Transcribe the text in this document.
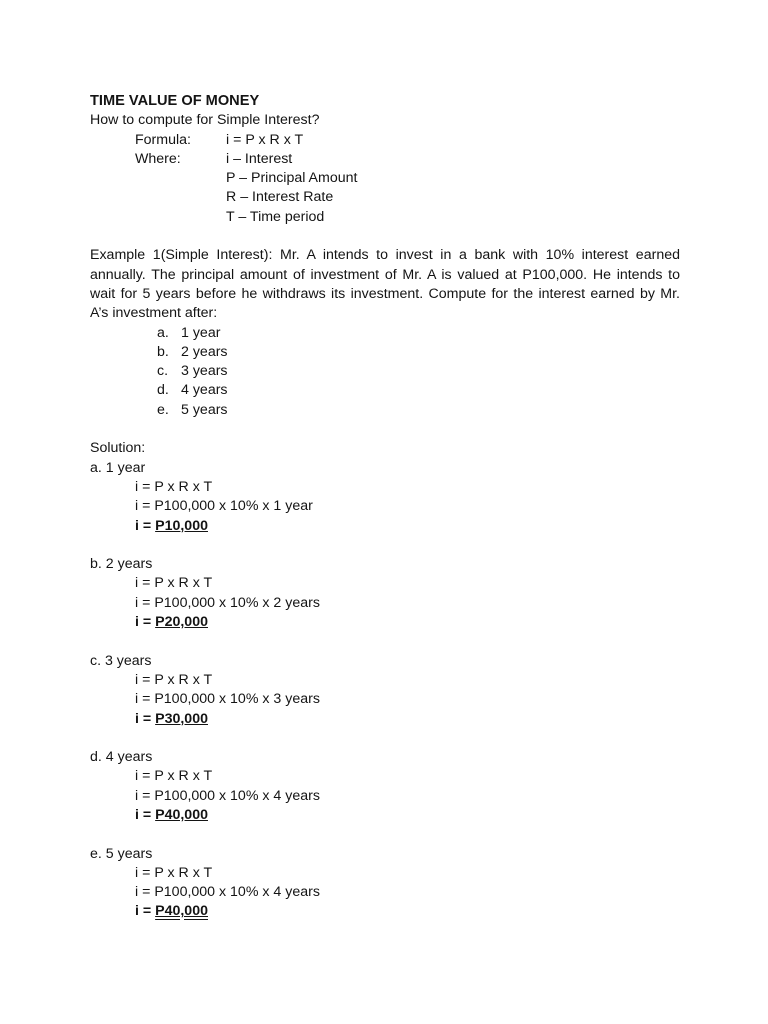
TIME VALUE OF MONEY
How to compute for Simple Interest?
Formula: i = P x R x T
Where:	i – Interest
P – Principal Amount
R – Interest Rate
T – Time period
Example 1(Simple Interest): Mr. A intends to invest in a bank with 10% interest earned annually. The principal amount of investment of Mr. A is valued at P100,000. He intends to wait for 5 years before he withdraws its investment. Compute for the interest earned by Mr. A’s investment after:
a. 1 year
b. 2 years
c. 3 years
d. 4 years
e. 5 years
Solution:
a. 1 year
i = P x R x T
i = P100,000 x 10% x 1 year
i = P10,000
b. 2 years
i = P x R x T
i = P100,000 x 10% x 2 years
i = P20,000
c. 3 years
i = P x R x T
i = P100,000 x 10% x 3 years
i = P30,000
d. 4 years
i = P x R x T
i = P100,000 x 10% x 4 years
i = P40,000
e. 5 years
i = P x R x T
i = P100,000 x 10% x 4 years
i = P40,000
